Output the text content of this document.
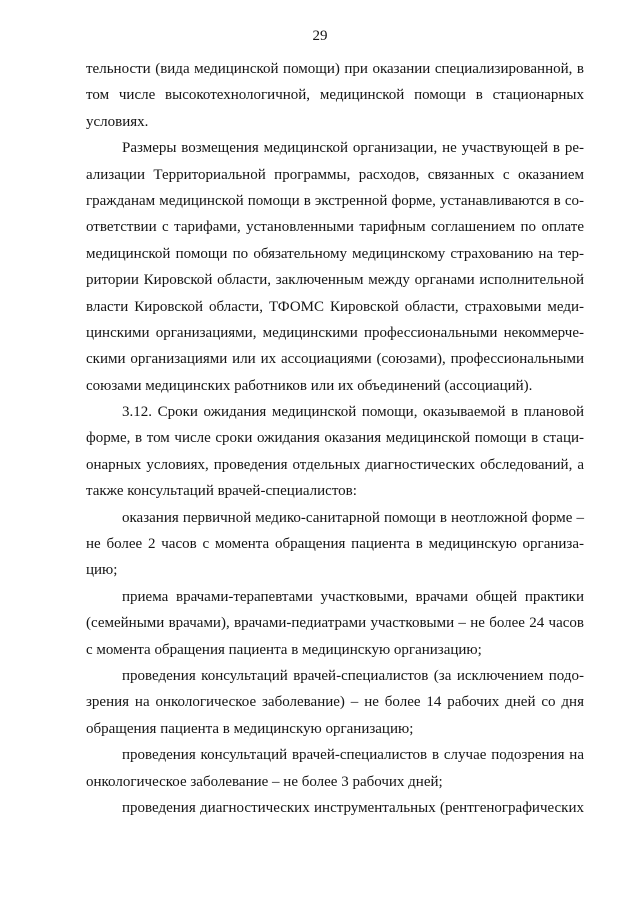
29
тельности (вида медицинской помощи) при оказании специализированной, в
том числе высокотехнологичной, медицинской помощи в стационарных
условиях.
Размеры возмещения медицинской организации, не участвующей в ре-
ализации Территориальной программы, расходов, связанных с оказанием
гражданам медицинской помощи в экстренной форме, устанавливаются в со-
ответствии с тарифами, установленными тарифным соглашением по оплате
медицинской помощи по обязательному медицинскому страхованию на тер-
ритории Кировской области, заключенным между органами исполнительной
власти Кировской области, ТФОМС Кировской области, страховыми меди-
цинскими организациями, медицинскими профессиональными некоммерче-
скими организациями или их ассоциациями (союзами), профессиональными
союзами медицинских работников или их объединений (ассоциаций).
3.12. Сроки ожидания медицинской помощи, оказываемой в плановой
форме, в том числе сроки ожидания оказания медицинской помощи в стаци-
онарных условиях, проведения отдельных диагностических обследований, а
также консультаций врачей-специалистов:
оказания первичной медико-санитарной помощи в неотложной форме –
не более 2 часов с момента обращения пациента в медицинскую организа-
цию;
приема врачами-терапевтами участковыми, врачами общей практики
(семейными врачами), врачами-педиатрами участковыми – не более 24 часов
с момента обращения пациента в медицинскую организацию;
проведения консультаций врачей-специалистов (за исключением подо-
зрения на онкологическое заболевание) – не более 14 рабочих дней со дня
обращения пациента в медицинскую организацию;
проведения консультаций врачей-специалистов в случае подозрения на
онкологическое заболевание – не более 3 рабочих дней;
проведения диагностических инструментальных (рентгенографических
